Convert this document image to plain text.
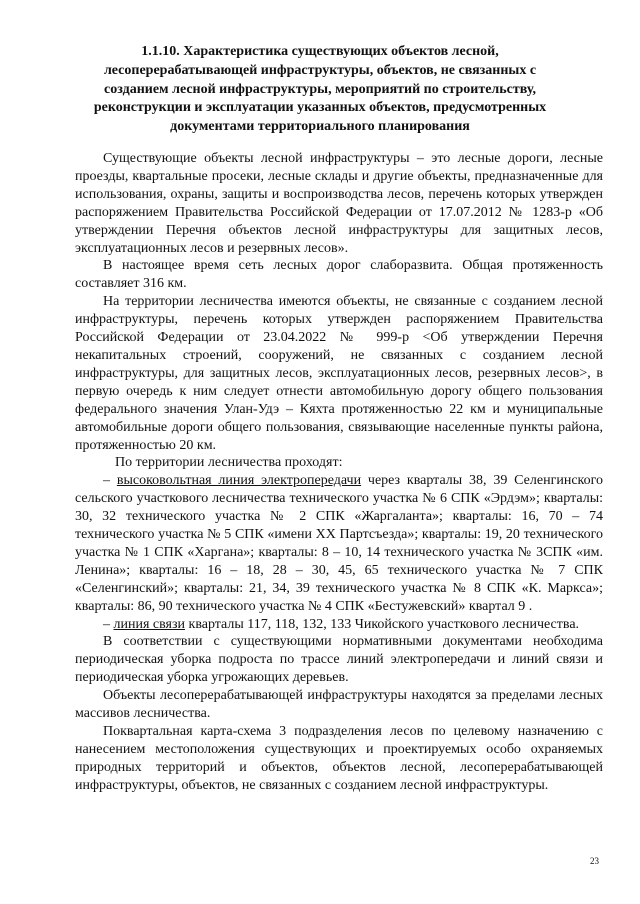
1.1.10. Характеристика существующих объектов лесной, лесоперерабатывающей инфраструктуры, объектов, не связанных с созданием лесной инфраструктуры, мероприятий по строительству, реконструкции и эксплуатации указанных объектов, предусмотренных документами территориального планирования

Существующие объекты лесной инфраструктуры – это лесные дороги, лесные проезды, квартальные просеки, лесные склады и другие объекты, предназначенные для использования, охраны, защиты и воспроизводства лесов, перечень которых утвержден распоряжением Правительства Российской Федерации от 17.07.2012 № 1283-р «Об утверждении Перечня объектов лесной инфраструктуры для защитных лесов, эксплуатационных лесов и резервных лесов».

В настоящее время сеть лесных дорог слаборазвита. Общая протяженность составляет 316 км.

На территории лесничества имеются объекты, не связанные с созданием лесной инфраструктуры, перечень которых утвержден распоряжением Правительства Российской Федерации от 23.04.2022 № 999-р <Об утверждении Перечня некапитальных строений, сооружений, не связанных с созданием лесной инфраструктуры, для защитных лесов, эксплуатационных лесов, резервных лесов>, в первую очередь к ним следует отнести автомобильную дорогу общего пользования федерального значения Улан-Удэ – Кяхта протяженностью 22 км и муниципальные автомобильные дороги общего пользования, связывающие населенные пункты района, протяженностью 20 км.

По территории лесничества проходят:

– высоковольтная линия электропередачи через кварталы 38, 39 Селенгинского сельского участкового лесничества технического участка № 6 СПК «Эрдэм»; кварталы: 30, 32 технического участка № 2 СПК «Жаргаланта»; кварталы: 16, 70 – 74 технического участка № 5 СПК «имени XX Партсъезда»; кварталы: 19, 20 технического участка № 1 СПК «Харгана»; кварталы: 8 – 10, 14 технического участка № 3СПК «им. Ленина»; кварталы: 16 – 18, 28 – 30, 45, 65 технического участка № 7 СПК «Селенгинский»; кварталы: 21, 34, 39 технического участка № 8 СПК «К. Маркса»; кварталы: 86, 90 технического участка № 4 СПК «Бестужевский» квартал 9 .

– линия связи кварталы 117, 118, 132, 133 Чикойского участкового лесничества.

В соответствии с существующими нормативными документами необходима периодическая уборка подроста по трассе линий электропередачи и линий связи и периодическая уборка угрожающих деревьев.

Объекты лесоперерабатывающей инфраструктуры находятся за пределами лесных массивов лесничества.

Поквартальная карта-схема 3 подразделения лесов по целевому назначению с нанесением местоположения существующих и проектируемых особо охраняемых природных территорий и объектов, объектов лесной, лесоперерабатывающей инфраструктуры, объектов, не связанных с созданием лесной инфраструктуры.

23
